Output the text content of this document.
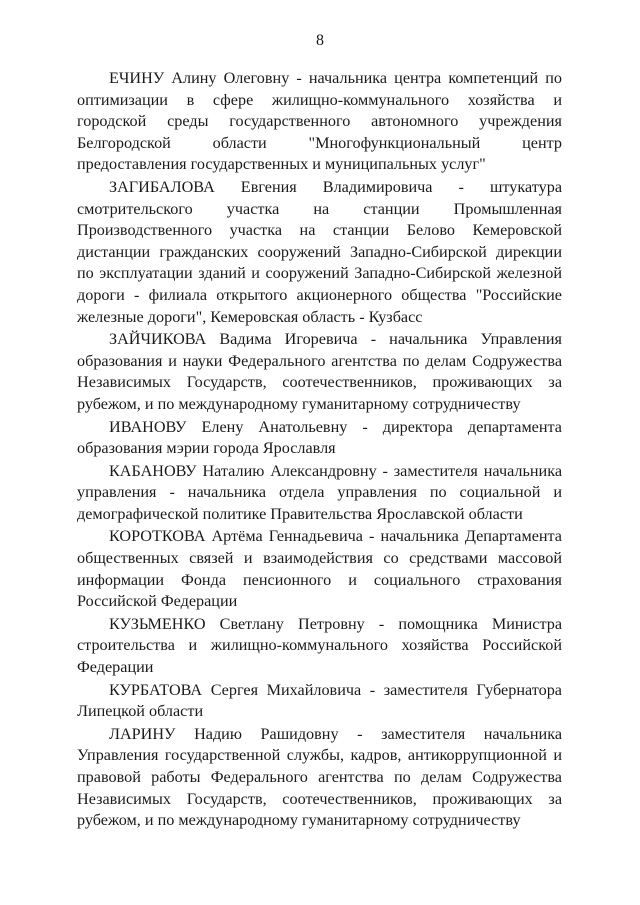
8

ЕЧИНУ Алину Олеговну - начальника центра компетенций по оптимизации в сфере жилищно-коммунального хозяйства и городской среды государственного автономного учреждения Белгородской области "Многофункциональный центр предоставления государственных и муниципальных услуг"

ЗАГИБАЛОВА Евгения Владимировича - штукатура смотрительского участка на станции Промышленная Производственного участка на станции Белово Кемеровской дистанции гражданских сооружений Западно-Сибирской дирекции по эксплуатации зданий и сооружений Западно-Сибирской железной дороги - филиала открытого акционерного общества "Российские железные дороги", Кемеровская область - Кузбасс

ЗАЙЧИКОВА Вадима Игоревича - начальника Управления образования и науки Федерального агентства по делам Содружества Независимых Государств, соотечественников, проживающих за рубежом, и по международному гуманитарному сотрудничеству

ИВАНОВУ Елену Анатольевну - директора департамента образования мэрии города Ярославля

КАБАНОВУ Наталию Александровну - заместителя начальника управления - начальника отдела управления по социальной и демографической политике Правительства Ярославской области

КОРОТКОВА Артёма Геннадьевича - начальника Департамента общественных связей и взаимодействия со средствами массовой информации Фонда пенсионного и социального страхования Российской Федерации

КУЗЬМЕНКО Светлану Петровну - помощника Министра строительства и жилищно-коммунального хозяйства Российской Федерации

КУРБАТОВА Сергея Михайловича - заместителя Губернатора Липецкой области

ЛАРИНУ Надию Рашидовну - заместителя начальника Управления государственной службы, кадров, антикоррупционной и правовой работы Федерального агентства по делам Содружества Независимых Государств, соотечественников, проживающих за рубежом, и по международному гуманитарному сотрудничеству
